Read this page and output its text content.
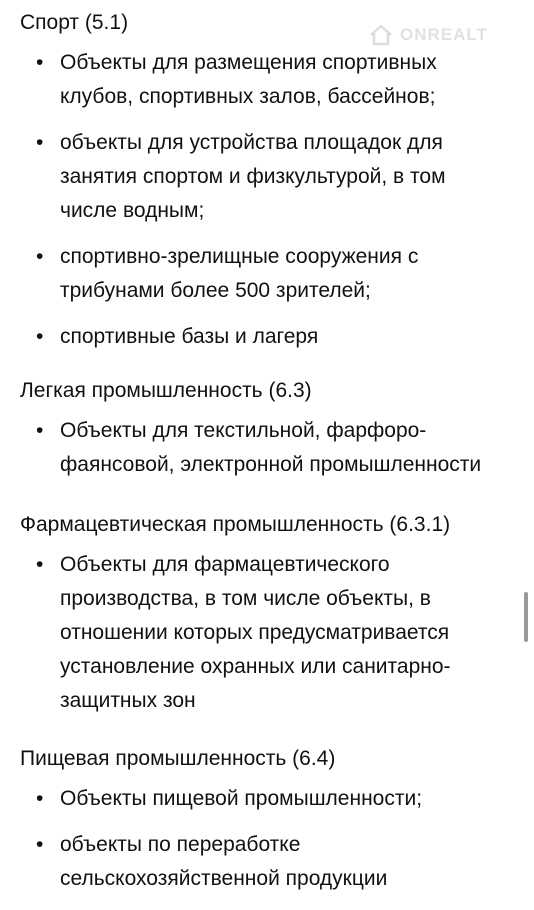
ONREALT
Спорт (5.1)
• Объекты для размещения спортивных клубов, спортивных залов, бассейнов;
• объекты для устройства площадок для занятия спортом и физкультурой, в том числе водным;
• спортивно-зрелищные сооружения с трибунами более 500 зрителей;
• спортивные базы и лагеря
Легкая промышленность (6.3)
• Объекты для текстильной, фарфоро-фаянсовой, электронной промышленности
Фармацевтическая промышленность (6.3.1)
• Объекты для фармацевтического производства, в том числе объекты, в отношении которых предусматривается установление охранных или санитарно-защитных зон
Пищевая промышленность (6.4)
• Объекты пищевой промышленности;
• объекты по переработке сельскохозяйственной продукции
